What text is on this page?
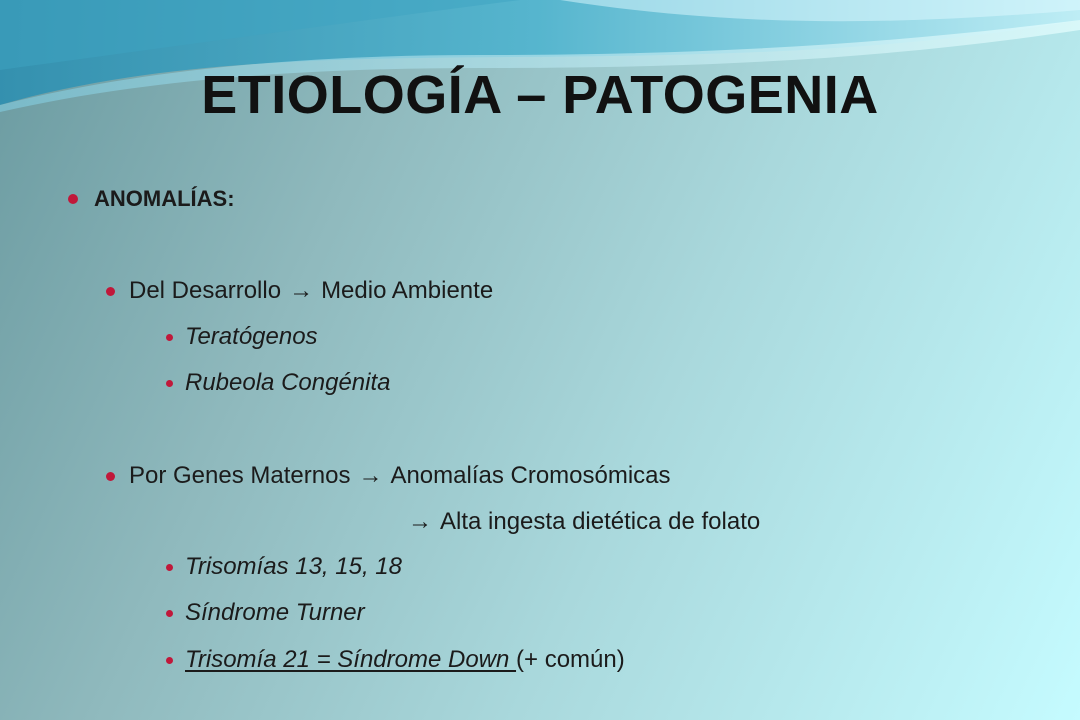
ETIOLOGÍA – PATOGENIA
ANOMALÍAS:
Del Desarrollo → Medio Ambiente
Teratógenos
Rubeola Congénita
Por Genes Maternos → Anomalías Cromosómicas
→ Alta ingesta dietética de folato
Trisomías 13, 15, 18
Síndrome Turner
Trisomía 21 = Síndrome Down (+ común)
